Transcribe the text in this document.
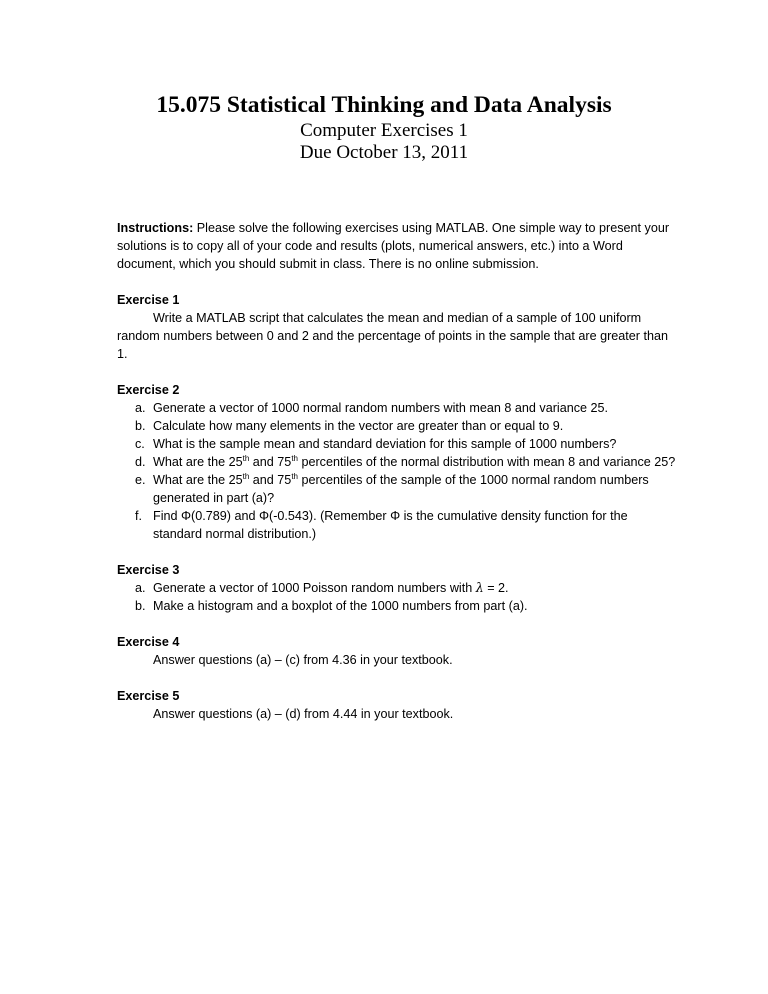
15.075 Statistical Thinking and Data Analysis
Computer Exercises 1
Due October 13, 2011

Instructions: Please solve the following exercises using MATLAB. One simple way to present your solutions is to copy all of your code and results (plots, numerical answers, etc.) into a Word document, which you should submit in class. There is no online submission.

Exercise 1

Write a MATLAB script that calculates the mean and median of a sample of 100 uniform random numbers between 0 and 2 and the percentage of points in the sample that are greater than 1.

Exercise 2

a. Generate a vector of 1000 normal random numbers with mean 8 and variance 25.
b. Calculate how many elements in the vector are greater than or equal to 9.
c. What is the sample mean and standard deviation for this sample of 1000 numbers?
d. What are the 25th and 75th percentiles of the normal distribution with mean 8 and variance 25?
e. What are the 25th and 75th percentiles of the sample of the 1000 normal random numbers generated in part (a)?
f. Find Φ(0.789) and Φ(-0.543). (Remember Φ is the cumulative density function for the standard normal distribution.)

Exercise 3

a. Generate a vector of 1000 Poisson random numbers with λ = 2.
b. Make a histogram and a boxplot of the 1000 numbers from part (a).

Exercise 4

Answer questions (a) – (c) from 4.36 in your textbook.

Exercise 5

Answer questions (a) – (d) from 4.44 in your textbook.
